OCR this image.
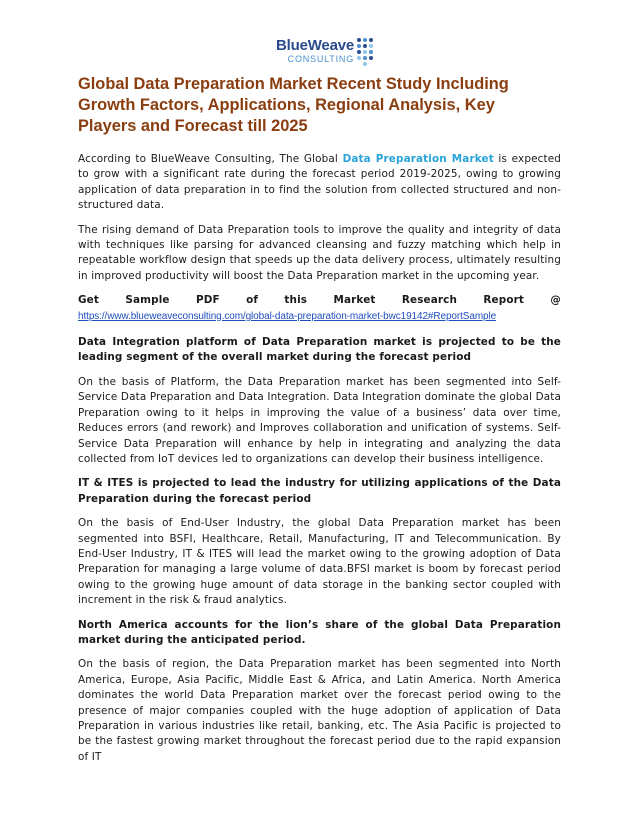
BlueWeave
CONSULTING
Global Data Preparation Market Recent Study Including Growth Factors, Applications, Regional Analysis, Key Players and Forecast till 2025

According to BlueWeave Consulting, The Global Data Preparation Market is expected to grow with a significant rate during the forecast period 2019-2025, owing to growing application of data preparation in to find the solution from collected structured and non-structured data.

The rising demand of Data Preparation tools to improve the quality and integrity of data with techniques like parsing for advanced cleansing and fuzzy matching which help in repeatable workflow design that speeds up the data delivery process, ultimately resulting in improved productivity will boost the Data Preparation market in the upcoming year.

Get	Sample	PDF	of	this	Market	Research	Report	@
https://www.blueweaveconsulting.com/global-data-preparation-market-bwc19142#ReportSample

Data Integration platform of Data Preparation market is projected to be the leading segment of the overall market during the forecast period

On the basis of Platform, the Data Preparation market has been segmented into Self-Service Data Preparation and Data Integration. Data Integration dominate the global Data Preparation owing to it helps in improving the value of a business’ data over time, Reduces errors (and rework) and Improves collaboration and unification of systems. Self-Service Data Preparation will enhance by help in integrating and analyzing the data collected from IoT devices led to organizations can develop their business intelligence.

IT & ITES is projected to lead the industry for utilizing applications of the Data Preparation during the forecast period

On the basis of End-User Industry, the global Data Preparation market has been segmented into BSFI, Healthcare, Retail, Manufacturing, IT and Telecommunication. By End-User Industry, IT & ITES will lead the market owing to the growing adoption of Data Preparation for managing a large volume of data.BFSI market is boom by forecast period owing to the growing huge amount of data storage in the banking sector coupled with increment in the risk & fraud analytics.

North America accounts for the lion’s share of the global Data Preparation market during the anticipated period.

On the basis of region, the Data Preparation market has been segmented into North America, Europe, Asia Pacific, Middle East & Africa, and Latin America. North America dominates the world Data Preparation market over the forecast period owing to the presence of major companies coupled with the huge adoption of application of Data Preparation in various industries like retail, banking, etc. The Asia Pacific is projected to be the fastest growing market throughout the forecast period due to the rapid expansion of IT
